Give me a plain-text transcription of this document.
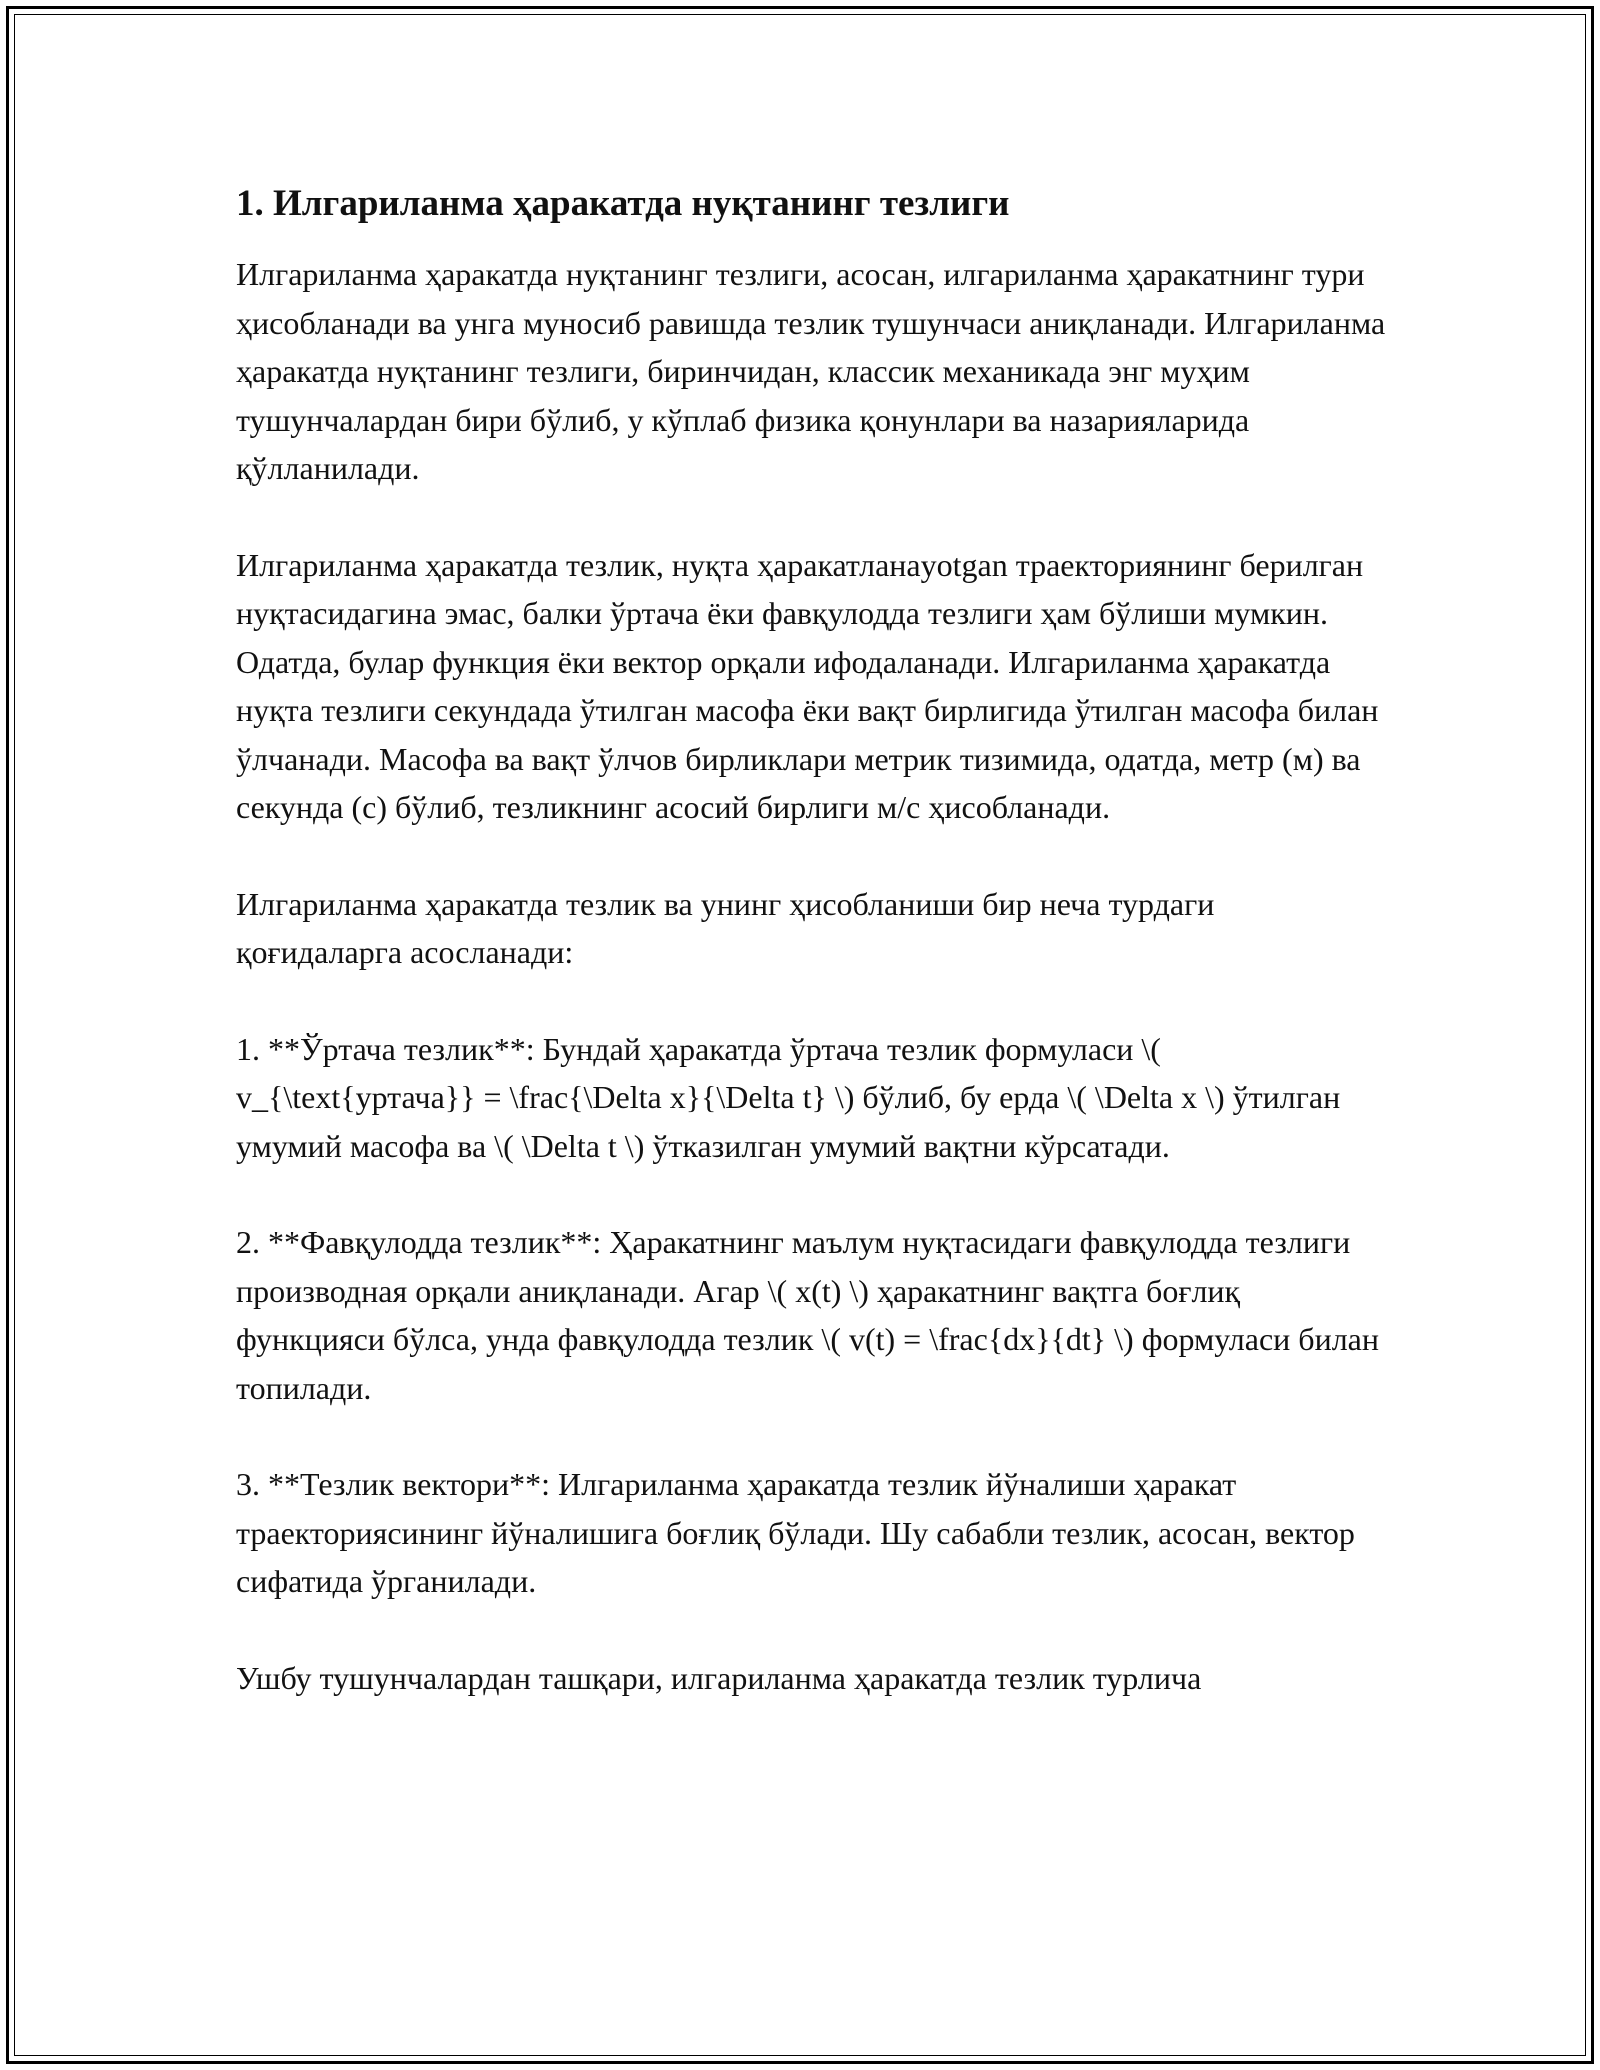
1. Илгариланма ҳаракатда нуқтанинг тезлиги

Илгариланма ҳаракатда нуқтанинг тезлиги, асосан, илгариланма ҳаракатнинг тури ҳисобланади ва унга муносиб равишда тезлик тушунчаси аниқланади. Илгариланма ҳаракатда нуқтанинг тезлиги, биринчидан, классик механикада энг муҳим тушунчалардан бири бўлиб, у кўплаб физика қонунлари ва назарияларида қўлланилади.

Илгариланма ҳаракатда тезлик, нуқта ҳаракатланаyotgan траекториянинг берилган нуқтасидагина эмас, балки ўртача ёки фавқулодда тезлиги ҳам бўлиши мумкин. Одатда, булар функция ёки вектор орқали ифодаланади. Илгариланма ҳаракатда нуқта тезлиги секундада ўтилган масофа ёки вақт бирлигида ўтилган масофа билан ўлчанади. Масофа ва вақт ўлчов бирликлари метрик тизимида, одатда, метр (м) ва секунда (с) бўлиб, тезликнинг асосий бирлиги м/с ҳисобланади.

Илгариланма ҳаракатда тезлик ва унинг ҳисобланиши бир неча турдаги қоғидаларга асосланади:

1. **Ўртача тезлик**: Бундай ҳаракатда ўртача тезлик формуласи \( v_{\text{уртача}} = \frac{\Delta x}{\Delta t} \) бўлиб, бу ерда \( \Delta x \) ўтилган умумий масофа ва \( \Delta t \) ўтказилган умумий вақтни кўрсатади.

2. **Фавқулодда тезлик**: Ҳаракатнинг маълум нуқтасидаги фавқулодда тезлиги производная орқали аниқланади. Агар \( x(t) \) ҳаракатнинг вақтга боғлиқ функцияси бўлса, унда фавқулодда тезлик \( v(t) = \frac{dx}{dt} \) формуласи билан топилади.

3. **Тезлик вектори**: Илгариланма ҳаракатда тезлик йўналиши ҳаракат траекториясининг йўналишига боғлиқ бўлади. Шу сабабли тезлик, асосан, вектор сифатида ўрганилади.

Ушбу тушунчалардан ташқари, илгариланма ҳаракатда тезлик турлича
